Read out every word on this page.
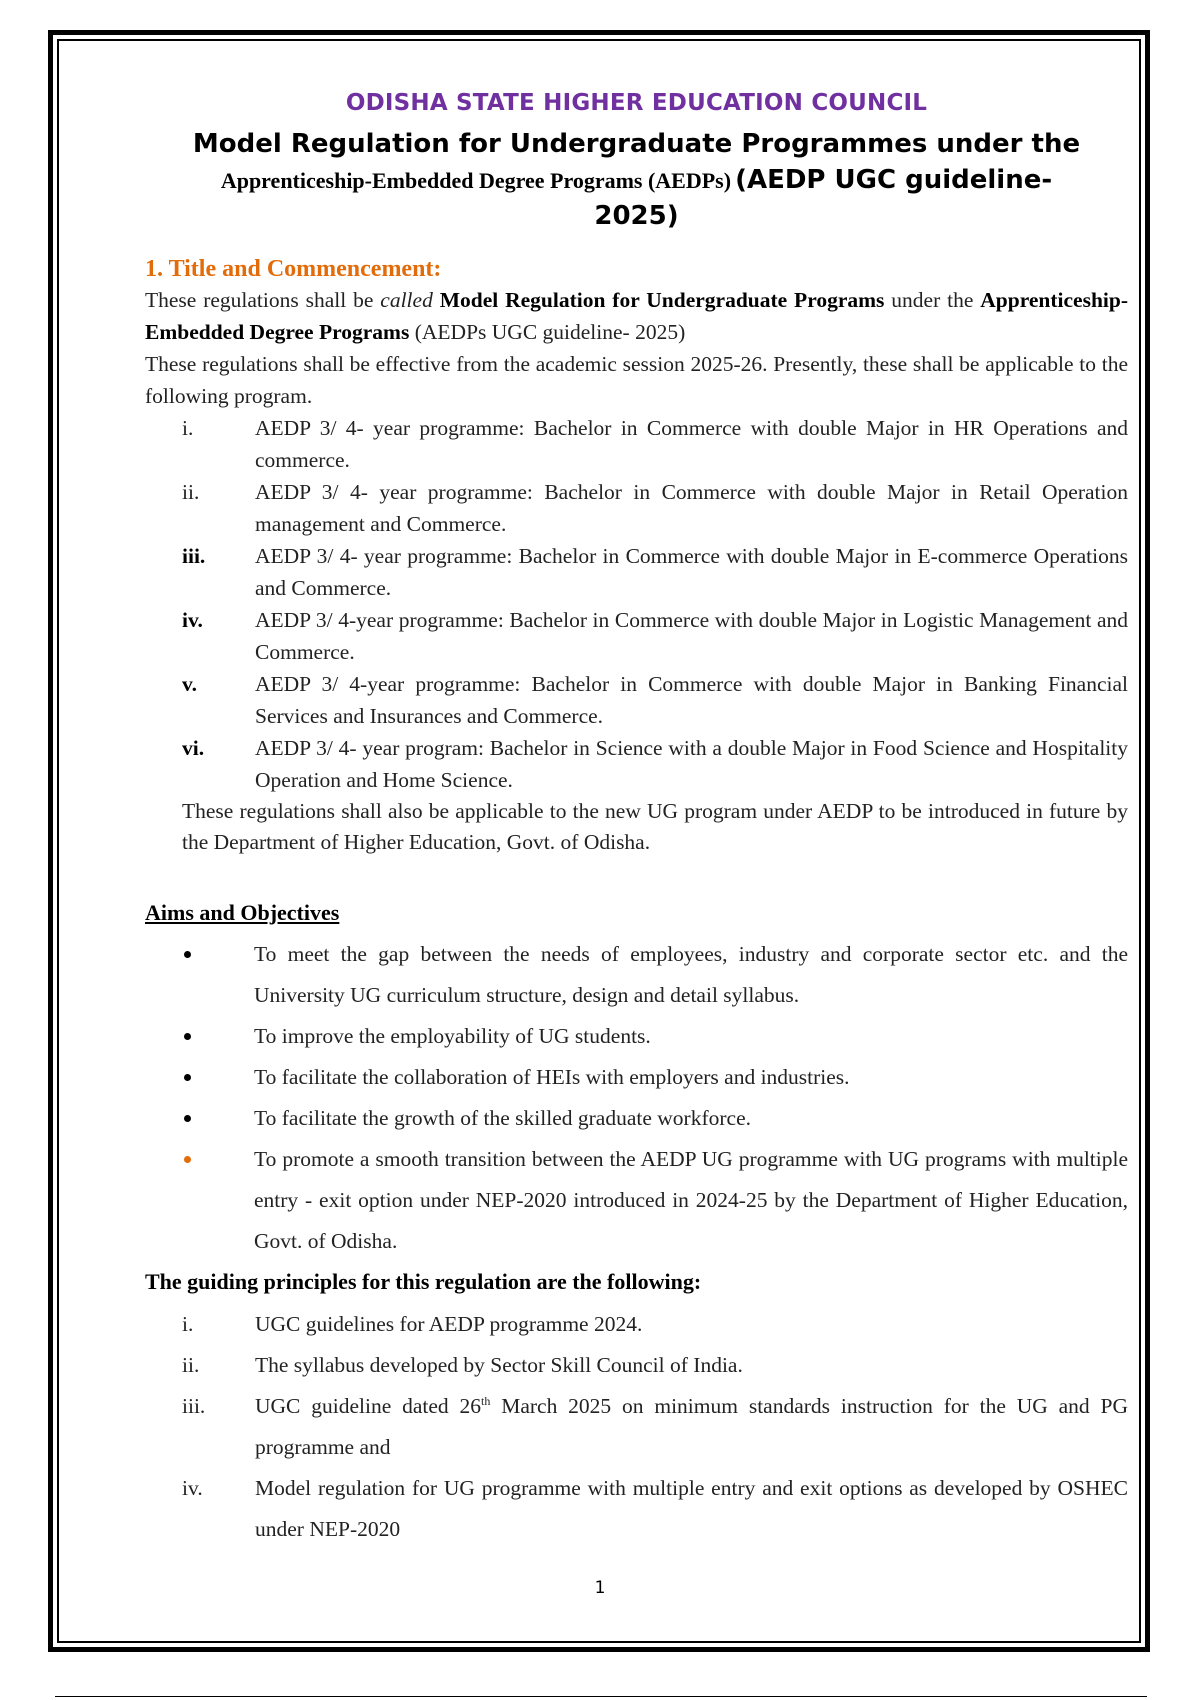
ODISHA STATE HIGHER EDUCATION COUNCIL
Model Regulation for Undergraduate Programmes under the
Apprenticeship-Embedded Degree Programs (AEDPs) (AEDP UGC guideline-
2025)
1. Title and Commencement:

These regulations shall be called Model Regulation for Undergraduate Programs under the Apprenticeship-Embedded Degree Programs (AEDPs UGC guideline- 2025)

These regulations shall be effective from the academic session 2025-26. Presently, these shall be applicable to the following program.

i.	AEDP 3/ 4- year programme: Bachelor in Commerce with double Major in HR Operations and commerce.
ii.	AEDP 3/ 4- year programme: Bachelor in Commerce with double Major in Retail Operation management and Commerce.
iii.	AEDP 3/ 4- year programme: Bachelor in Commerce with double Major in E-commerce Operations and Commerce.
iv.	AEDP 3/ 4-year programme: Bachelor in Commerce with double Major in Logistic Management and Commerce.
v.	AEDP 3/ 4-year programme: Bachelor in Commerce with double Major in Banking Financial Services and Insurances and Commerce.
vi.	AEDP 3/ 4- year program: Bachelor in Science with a double Major in Food Science and Hospitality Operation and Home Science.

These regulations shall also be applicable to the new UG program under AEDP to be introduced in future by the Department of Higher Education, Govt. of Odisha.

Aims and Objectives
To meet the gap between the needs of employees, industry and corporate sector etc. and the University UG curriculum structure, design and detail syllabus.
To improve the employability of UG students.
To facilitate the collaboration of HEIs with employers and industries.
To facilitate the growth of the skilled graduate workforce.
To promote a smooth transition between the AEDP UG programme with UG programs with multiple entry - exit option under NEP-2020 introduced in 2024-25 by the Department of Higher Education, Govt. of Odisha.
The guiding principles for this regulation are the following:
i.	UGC guidelines for AEDP programme 2024.
ii.	The syllabus developed by Sector Skill Council of India.
iii.	UGC guideline dated 26th March 2025 on minimum standards instruction for the UG and PG programme and
iv.	Model regulation for UG programme with multiple entry and exit options as developed by OSHEC under NEP-2020
1
